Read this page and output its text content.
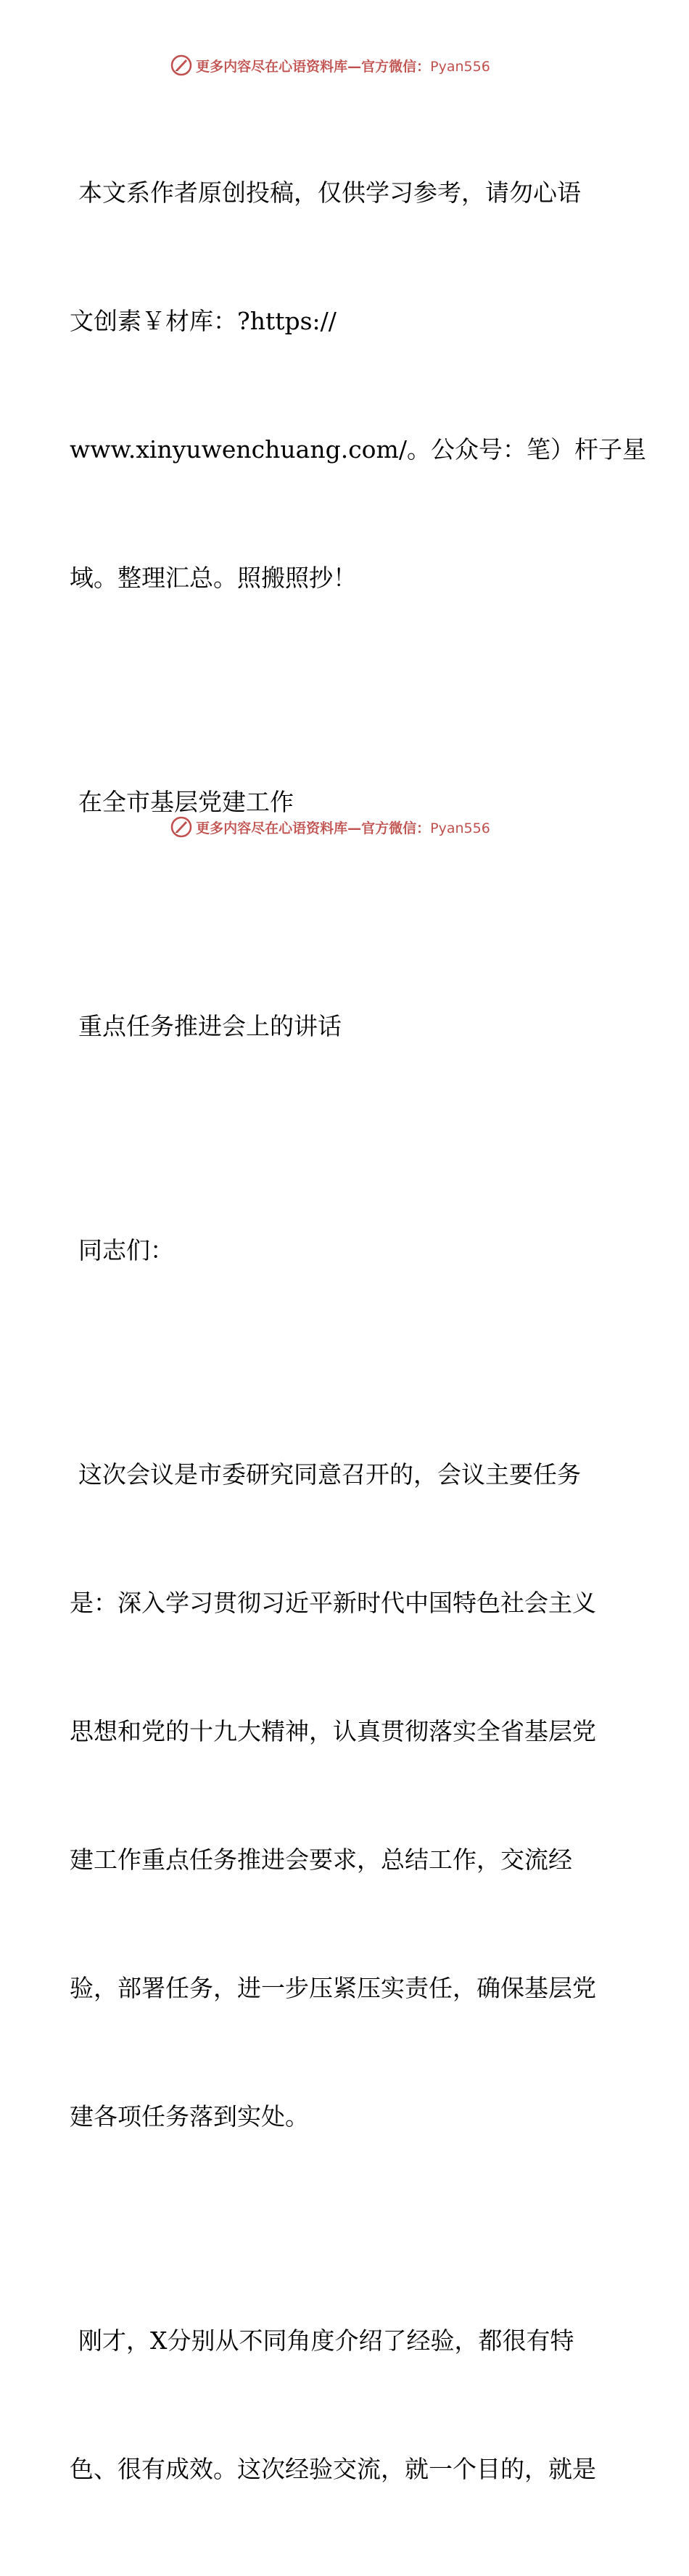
更多内容尽在心语资料库—官方微信：Pyan556

本文系作者原创投稿，仅供学习参考，请勿心语

文创素￥材库：?https://

www.xinyuwenchuang.com/。公众号：笔）杆子星

域。整理汇总。照搬照抄！

在全市基层党建工作

重点任务推进会上的讲话

同志们：

这次会议是市委研究同意召开的，会议主要任务

是：深入学习贯彻习近平新时代中国特色社会主义

思想和党的十九大精神，认真贯彻落实全省基层党

建工作重点任务推进会要求，总结工作，交流经

验，部署任务，进一步压紧压实责任，确保基层党

建各项任务落到实处。

刚才，X分别从不同角度介绍了经验，都很有特

色、很有成效。这次经验交流，就一个目的，就是

更多内容尽在心语资料库—官方微信：Pyan556
